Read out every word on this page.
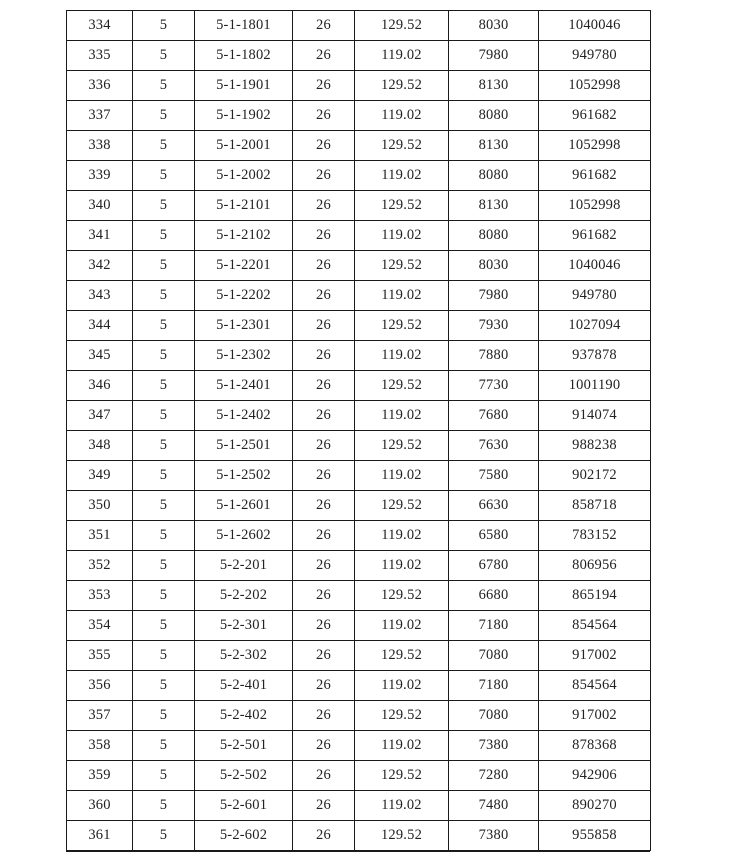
334	5	5-1-1801	26	129.52	8030	1040046
335	5	5-1-1802	26	119.02	7980	949780
336	5	5-1-1901	26	129.52	8130	1052998
337	5	5-1-1902	26	119.02	8080	961682
338	5	5-1-2001	26	129.52	8130	1052998
339	5	5-1-2002	26	119.02	8080	961682
340	5	5-1-2101	26	129.52	8130	1052998
341	5	5-1-2102	26	119.02	8080	961682
342	5	5-1-2201	26	129.52	8030	1040046
343	5	5-1-2202	26	119.02	7980	949780
344	5	5-1-2301	26	129.52	7930	1027094
345	5	5-1-2302	26	119.02	7880	937878
346	5	5-1-2401	26	129.52	7730	1001190
347	5	5-1-2402	26	119.02	7680	914074
348	5	5-1-2501	26	129.52	7630	988238
349	5	5-1-2502	26	119.02	7580	902172
350	5	5-1-2601	26	129.52	6630	858718
351	5	5-1-2602	26	119.02	6580	783152
352	5	5-2-201	26	119.02	6780	806956
353	5	5-2-202	26	129.52	6680	865194
354	5	5-2-301	26	119.02	7180	854564
355	5	5-2-302	26	129.52	7080	917002
356	5	5-2-401	26	119.02	7180	854564
357	5	5-2-402	26	129.52	7080	917002
358	5	5-2-501	26	119.02	7380	878368
359	5	5-2-502	26	129.52	7280	942906
360	5	5-2-601	26	119.02	7480	890270
361	5	5-2-602	26	129.52	7380	955858
